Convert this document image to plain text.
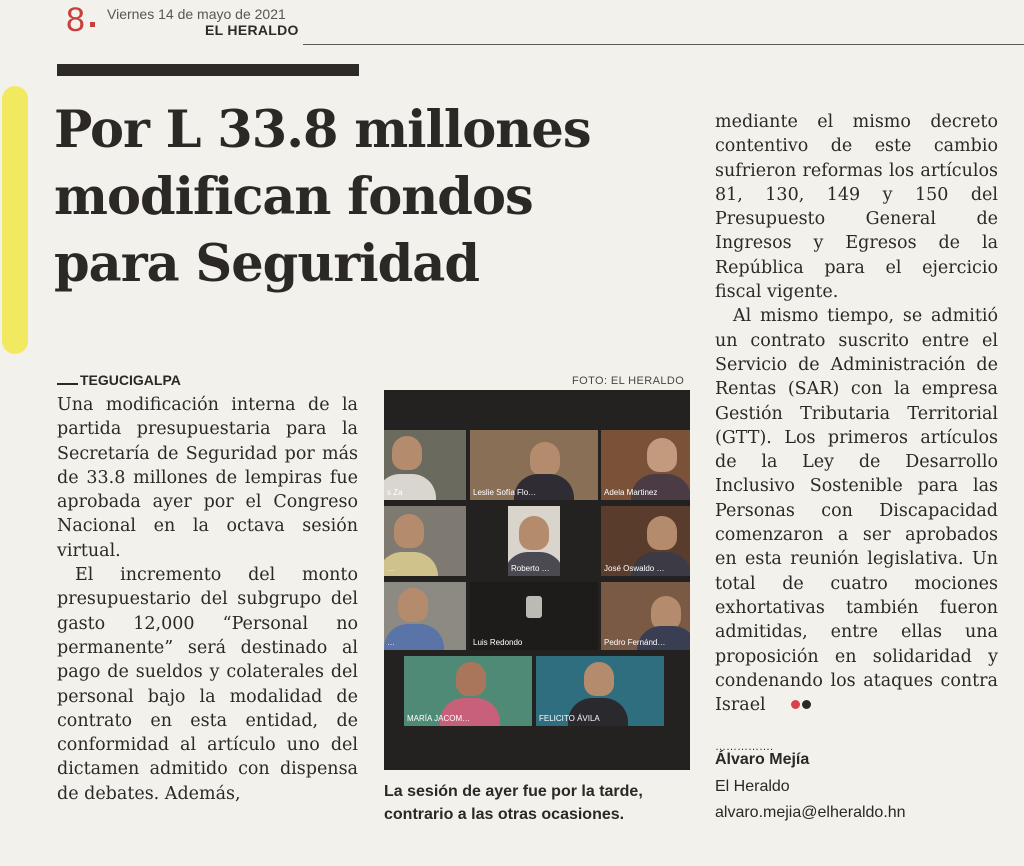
8 Viernes 14 de mayo de 2021
EL HERALDO
Por L 33.8 millones
modifican fondos
para Seguridad
TEGUCIGALPA

Una modificación interna de la partida presupuestaria para la Secretaría de Seguridad por más de 33.8 millones de lempiras fue aprobada ayer por el Congreso Nacional en la octava sesión virtual.

El incremento del monto presupuestario del subgrupo del gasto 12,000 “Personal no permanente” será destinado al pago de sueldos y colaterales del personal bajo la modalidad de contrato en esta entidad, de conformidad al artículo uno del dictamen admitido con dispensa de debates. Además,

FOTO: EL HERALDO
s Za	Leslie Sofía Flo…	Adela Martinez
…	Roberto …	José Oswaldo …
…	Luis Redondo	Pedro Fernánd…
MARÍA JACOM…	FELICITO ÁVILA

La sesión de ayer fue por la tarde, contrario a las otras ocasiones.

mediante el mismo decreto contentivo de este cambio sufrieron reformas los artículos 81, 130, 149 y 150 del Presupuesto General de Ingresos y Egresos de la República para el ejercicio fiscal vigente.

Al mismo tiempo, se admitió un contrato suscrito entre el Servicio de Administración de Rentas (SAR) con la empresa Gestión Tributaria Territorial (GTT). Los primeros artículos de la Ley de Desarrollo Inclusivo Sostenible para las Personas con Discapacidad comenzaron a ser aprobados en esta reunión legislativa. Un total de cuatro mociones exhortativas también fueron admitidas, entre ellas una proposición en solidaridad y condenando los ataques contra Israel

…………….
Álvaro Mejía
El Heraldo
alvaro.mejia@elheraldo.hn
